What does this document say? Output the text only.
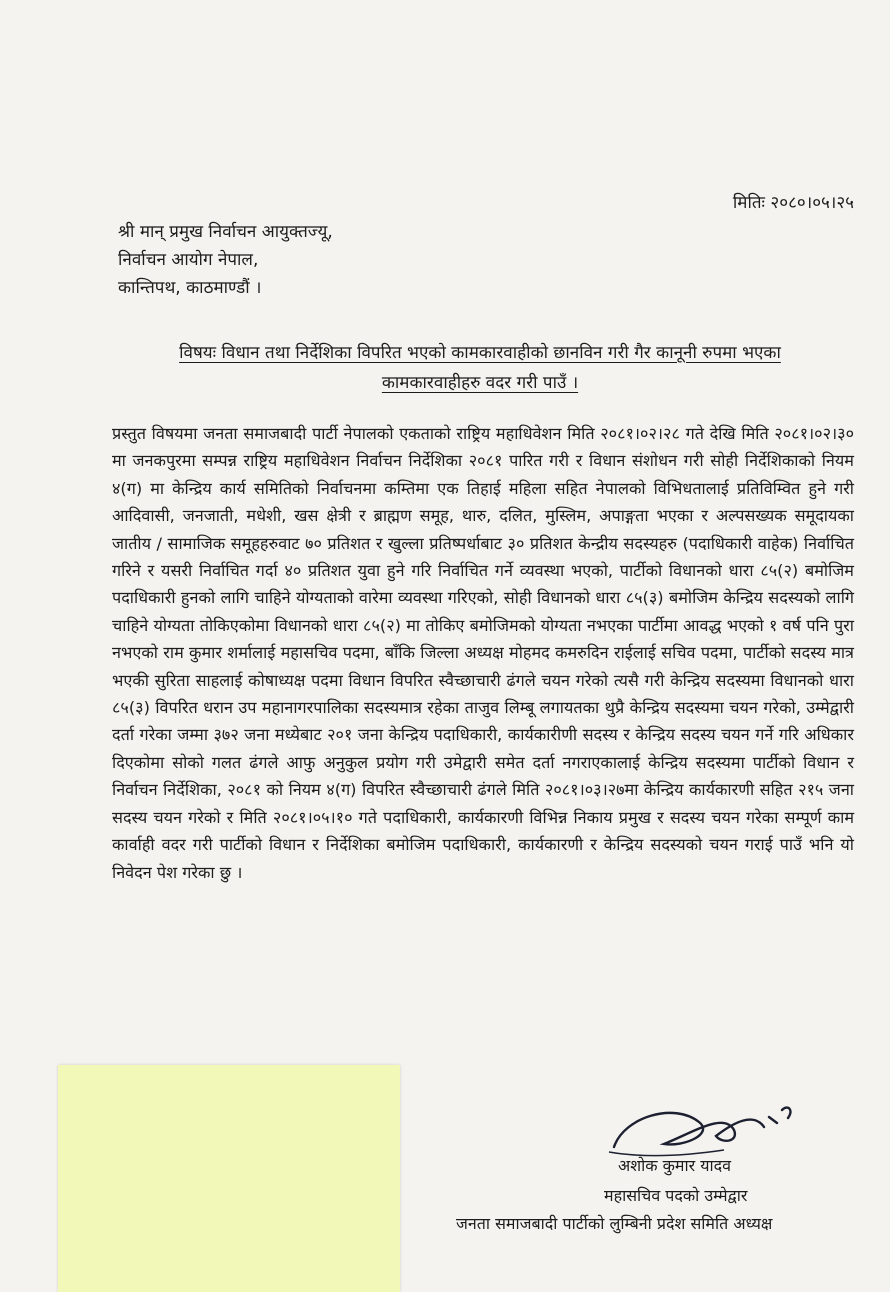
मितिः २०८०।०५।२५
श्री मान् प्रमुख निर्वाचन आयुक्तज्यू,
निर्वाचन आयोग नेपाल,
कान्तिपथ, काठमाण्डौं ।
विषयः विधान तथा निर्देशिका विपरित भएको कामकारवाहीको छानविन गरी गैर कानूनी रुपमा भएका
कामकारवाहीहरु वदर गरी पाउँ ।

प्रस्तुत विषयमा जनता समाजबादी पार्टी नेपालको एकताको राष्ट्रिय महाधिवेशन मिति २०८१।०२।२८ गते देखि मिति २०८१।०२।३० मा जनकपुरमा सम्पन्न राष्ट्रिय महाधिवेशन निर्वाचन निर्देशिका २०८१ पारित गरी र विधान संशोधन गरी सोही निर्देशिकाको नियम ४(ग) मा केन्द्रिय कार्य समितिको निर्वाचनमा कम्तिमा एक तिहाई महिला सहित नेपालको विभिधतालाई प्रतिविम्वित हुने गरी आदिवासी, जनजाती, मधेशी, खस क्षेत्री र ब्राह्मण समूह, थारु, दलित, मुस्लिम, अपाङ्गता भएका र अल्पसख्यक समूदायका जातीय / सामाजिक समूहहरुवाट ७० प्रतिशत र खुल्ला प्रतिष्पर्धाबाट ३० प्रतिशत केन्द्रीय सदस्यहरु (पदाधिकारी वाहेक) निर्वाचित गरिने र यसरी निर्वाचित गर्दा ४० प्रतिशत युवा हुने गरि निर्वाचित गर्ने व्यवस्था भएको, पार्टीको विधानको धारा ८५(२) बमोजिम पदाधिकारी हुनको लागि चाहिने योग्यताको वारेमा व्यवस्था गरिएको, सोही विधानको धारा ८५(३) बमोजिम केन्द्रिय सदस्यको लागि चाहिने योग्यता तोकिएकोमा विधानको धारा ८५(२) मा तोकिए बमोजिमको योग्यता नभएका पार्टीमा आवद्ध भएको १ वर्ष पनि पुरा नभएको राम कुमार शर्मालाई महासचिव पदमा, बाँकि जिल्ला अध्यक्ष मोहमद कमरुदिन राईलाई सचिव पदमा, पार्टीको सदस्य मात्र भएकी सुरिता साहलाई कोषाध्यक्ष पदमा विधान विपरित स्वैच्छाचारी ढंगले चयन गरेको त्यसै गरी केन्द्रिय सदस्यमा विधानको धारा ८५(३) विपरित धरान उप महानागरपालिका सदस्यमात्र रहेका ताजुव लिम्बू लगायतका थुप्रै केन्द्रिय सदस्यमा चयन गरेको, उम्मेद्वारी दर्ता गरेका जम्मा ३७२ जना मध्येबाट २०१ जना केन्द्रिय पदाधिकारी, कार्यकारीणी सदस्य र केन्द्रिय सदस्य चयन गर्ने गरि अधिकार दिएकोमा सोको गलत ढंगले आफु अनुकुल प्रयोग गरी उमेद्वारी समेत दर्ता नगराएकालाई केन्द्रिय सदस्यमा पार्टीको विधान र निर्वाचन निर्देशिका, २०८१ को नियम ४(ग) विपरित स्वैच्छाचारी ढंगले मिति २०८१।०३।२७मा केन्द्रिय कार्यकारणी सहित २१५ जना सदस्य चयन गरेको र मिति २०८१।०५।१० गते पदाधिकारी, कार्यकारणी विभिन्न निकाय प्रमुख र सदस्य चयन गरेका सम्पूर्ण काम कार्वाही वदर गरी पार्टीको विधान र निर्देशिका बमोजिम पदाधिकारी, कार्यकारणी र केन्द्रिय सदस्यको चयन गराई पाउँ भनि यो निवेदन पेश गरेका छु ।

अशोक कुमार यादव
महासचिव पदको उम्मेद्वार
जनता समाजबादी पार्टीको लुम्बिनी प्रदेश समिति अध्यक्ष
